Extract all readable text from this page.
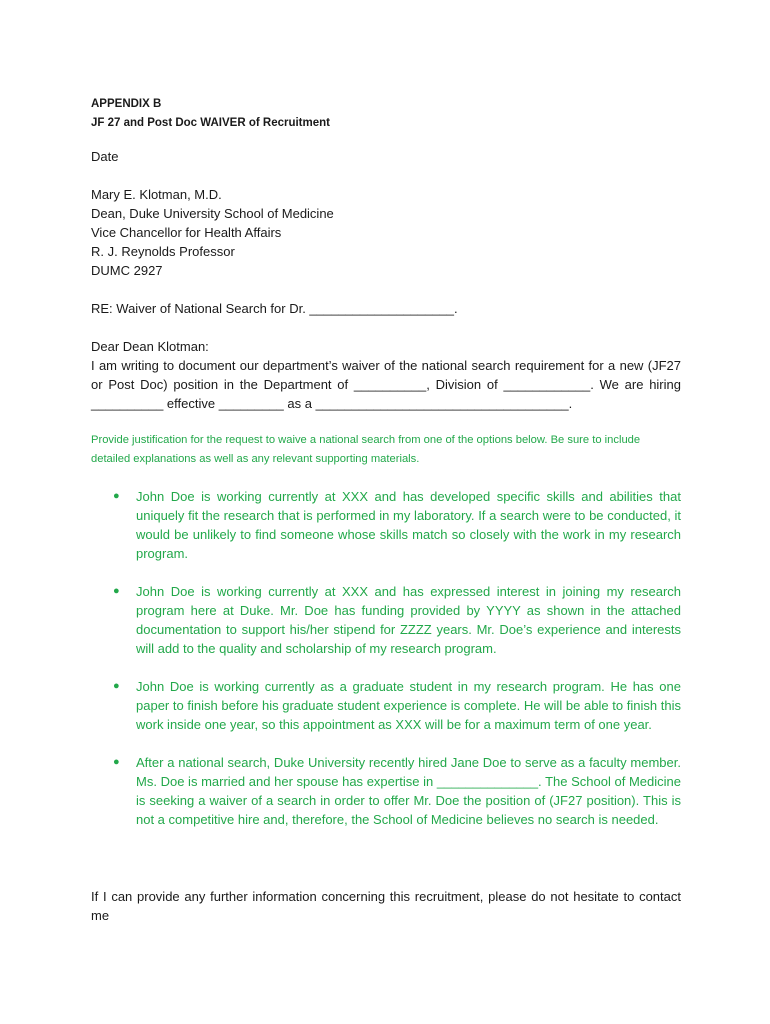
APPENDIX B
JF 27 and Post Doc WAIVER of Recruitment
Date
Mary E. Klotman, M.D.
Dean, Duke University School of Medicine
Vice Chancellor for Health Affairs
R. J. Reynolds Professor
DUMC 2927
RE: Waiver of National Search for Dr. ____________________.
Dear Dean Klotman:
I am writing to document our department’s waiver of the national search requirement for a new (JF27 or Post Doc) position in the Department of __________, Division of ____________. We are hiring __________ effective _________ as a ___________________________________.
Provide justification for the request to waive a national search from one of the options below. Be sure to include detailed explanations as well as any relevant supporting materials.
●	John Doe is working currently at XXX and has developed specific skills and abilities that uniquely fit the research that is performed in my laboratory. If a search were to be conducted, it would be unlikely to find someone whose skills match so closely with the work in my research program.
●	John Doe is working currently at XXX and has expressed interest in joining my research program here at Duke. Mr. Doe has funding provided by YYYY as shown in the attached documentation to support his/her stipend for ZZZZ years. Mr. Doe’s experience and interests will add to the quality and scholarship of my research program.
●	John Doe is working currently as a graduate student in my research program. He has one paper to finish before his graduate student experience is complete. He will be able to finish this work inside one year, so this appointment as XXX will be for a maximum term of one year.
●	After a national search, Duke University recently hired Jane Doe to serve as a faculty member. Ms. Doe is married and her spouse has expertise in ______________. The School of Medicine is seeking a waiver of a search in order to offer Mr. Doe the position of (JF27 position). This is not a competitive hire and, therefore, the School of Medicine believes no search is needed.
If I can provide any further information concerning this recruitment, please do not hesitate to contact me
